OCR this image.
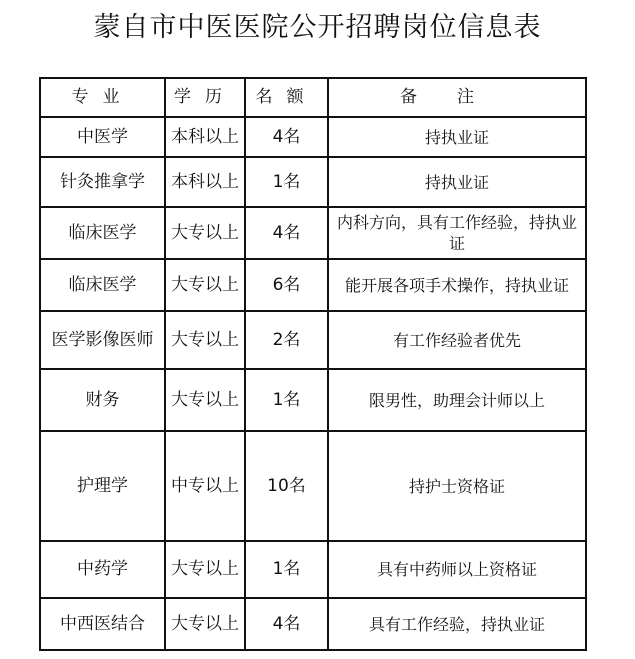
蒙自市中医医院公开招聘岗位信息表
专业	学历	名额	备注
中医学	本科以上	4名	持执业证
针灸推拿学	本科以上	1名	持执业证
临床医学	大专以上	4名	内科方向，具有工作经验，持执业证
临床医学	大专以上	6名	能开展各项手术操作，持执业证
医学影像医师	大专以上	2名	有工作经验者优先
财务	大专以上	1名	限男性，助理会计师以上
护理学	中专以上	10名	持护士资格证
中药学	大专以上	1名	具有中药师以上资格证
中西医结合	大专以上	4名	具有工作经验，持执业证
